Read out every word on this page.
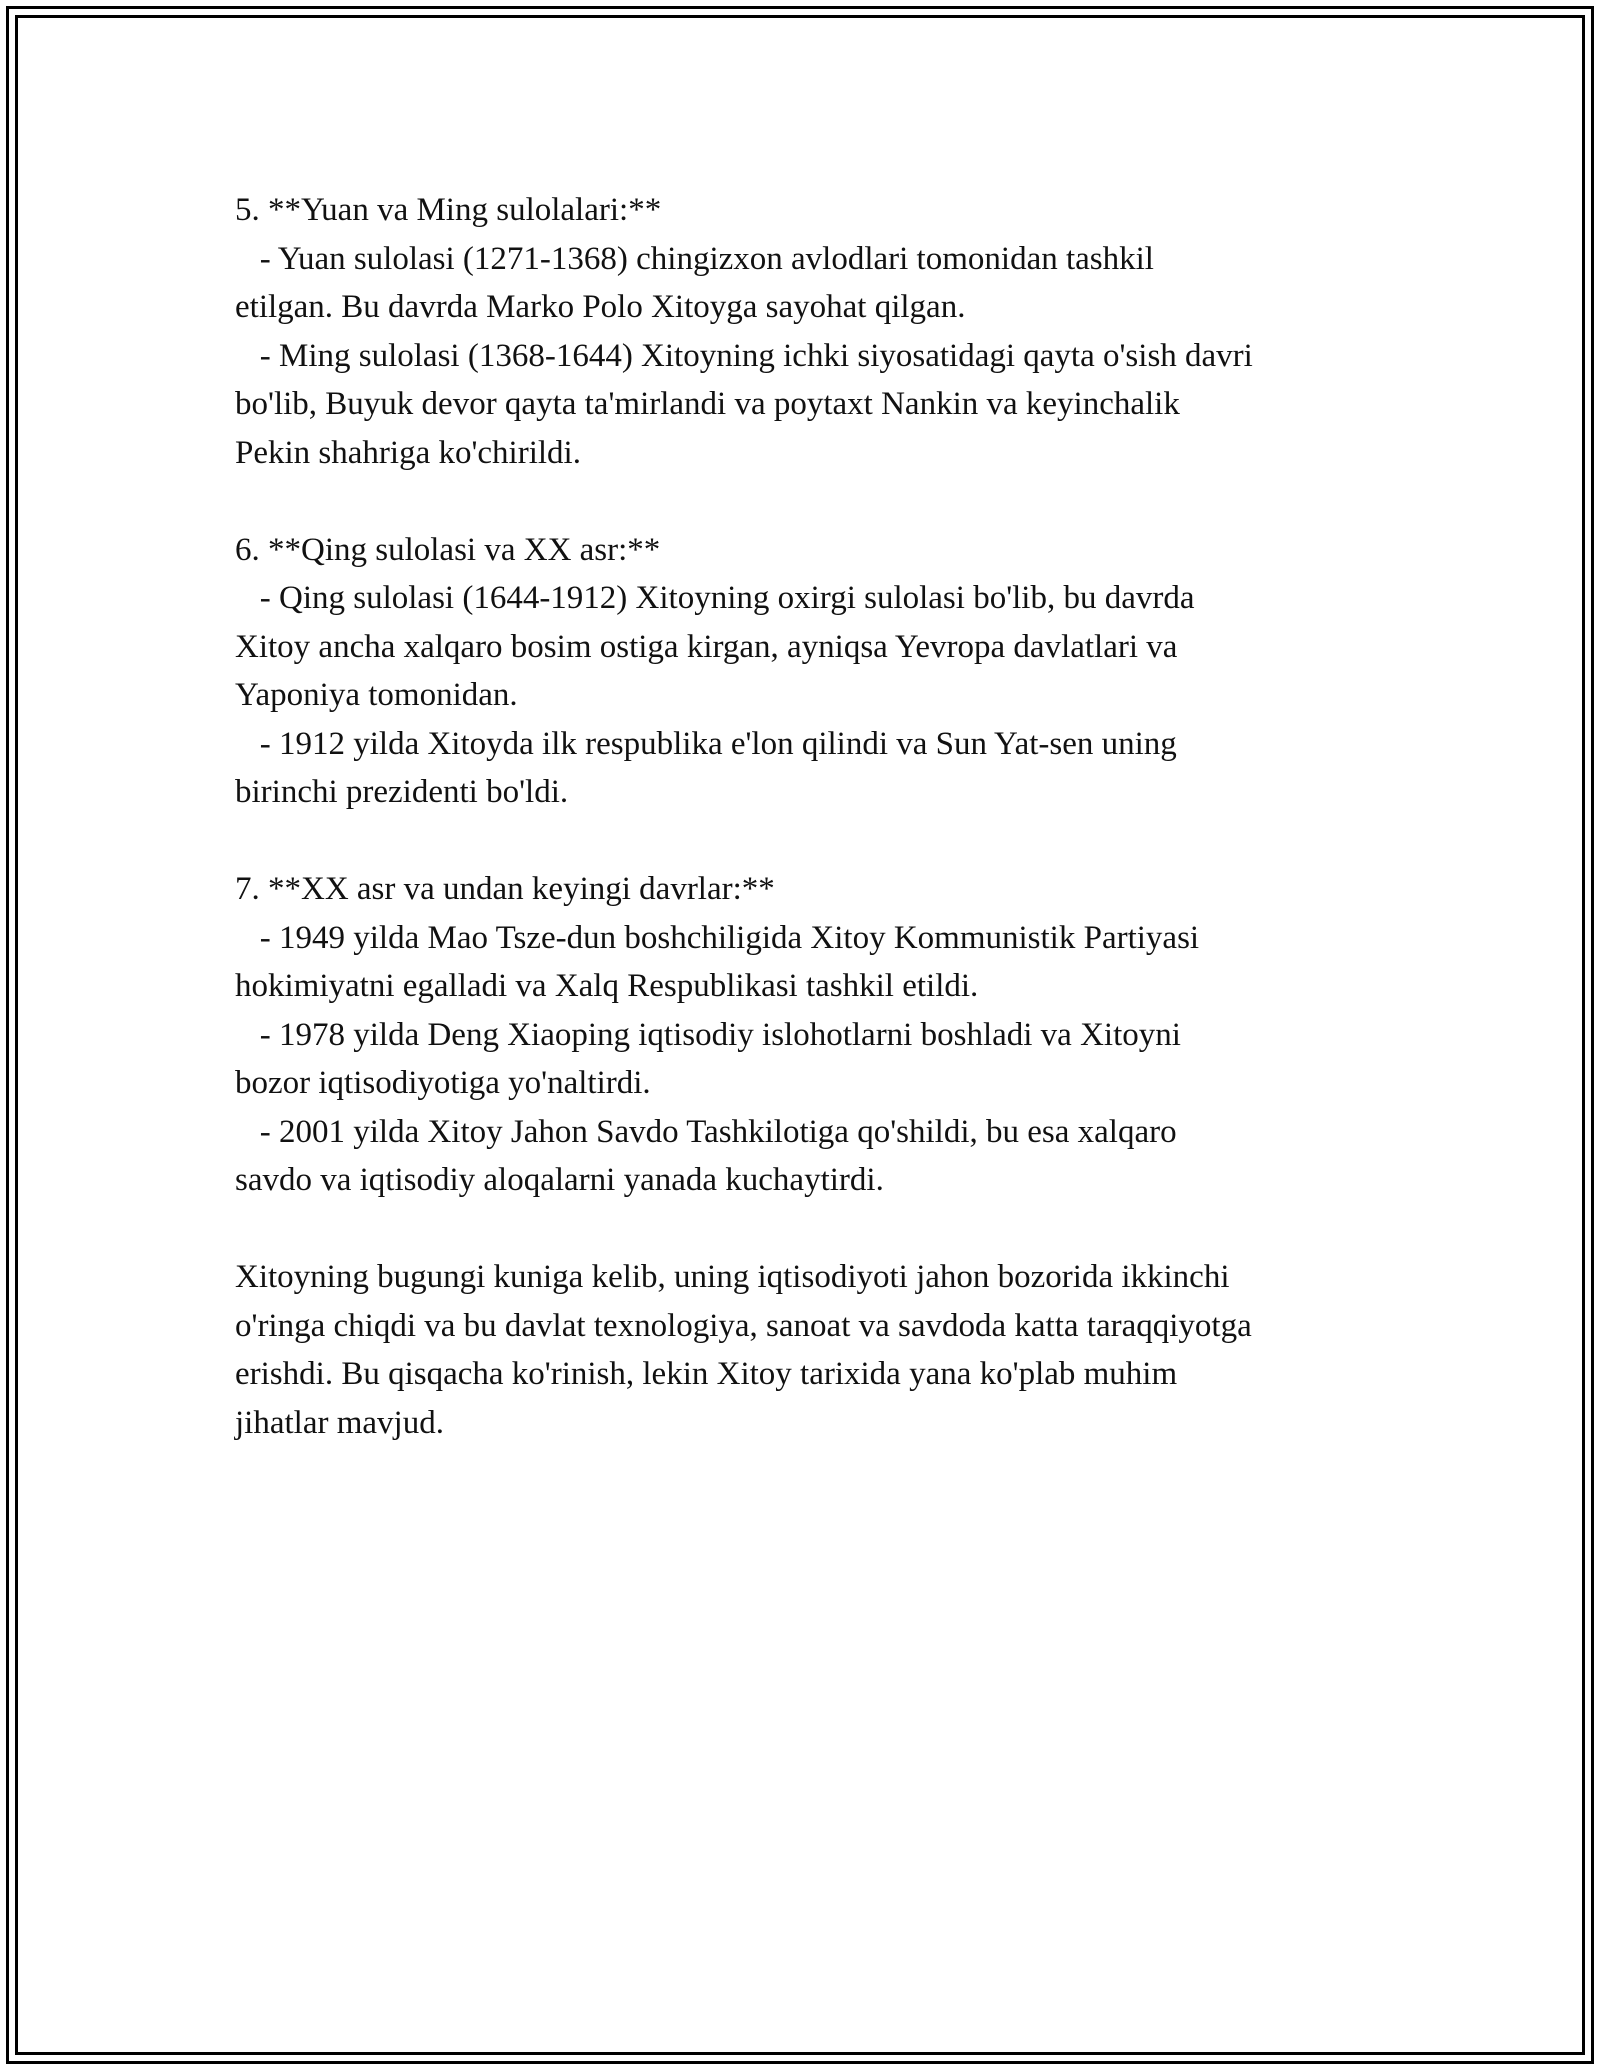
5. **Yuan va Ming sulolalari:**
- Yuan sulolasi (1271-1368) chingizxon avlodlari tomonidan tashkil
etilgan. Bu davrda Marko Polo Xitoyga sayohat qilgan.
- Ming sulolasi (1368-1644) Xitoyning ichki siyosatidagi qayta o'sish davri
bo'lib, Buyuk devor qayta ta'mirlandi va poytaxt Nankin va keyinchalik
Pekin shahriga ko'chirildi.
6. **Qing sulolasi va XX asr:**
- Qing sulolasi (1644-1912) Xitoyning oxirgi sulolasi bo'lib, bu davrda
Xitoy ancha xalqaro bosim ostiga kirgan, ayniqsa Yevropa davlatlari va
Yaponiya tomonidan.
- 1912 yilda Xitoyda ilk respublika e'lon qilindi va Sun Yat-sen uning
birinchi prezidenti bo'ldi.
7. **XX asr va undan keyingi davrlar:**
- 1949 yilda Mao Tsze-dun boshchiligida Xitoy Kommunistik Partiyasi
hokimiyatni egalladi va Xalq Respublikasi tashkil etildi.
- 1978 yilda Deng Xiaoping iqtisodiy islohotlarni boshladi va Xitoyni
bozor iqtisodiyotiga yo'naltirdi.
- 2001 yilda Xitoy Jahon Savdo Tashkilotiga qo'shildi, bu esa xalqaro
savdo va iqtisodiy aloqalarni yanada kuchaytirdi.
Xitoyning bugungi kuniga kelib, uning iqtisodiyoti jahon bozorida ikkinchi
o'ringa chiqdi va bu davlat texnologiya, sanoat va savdoda katta taraqqiyotga
erishdi. Bu qisqacha ko'rinish, lekin Xitoy tarixida yana ko'plab muhim
jihatlar mavjud.
